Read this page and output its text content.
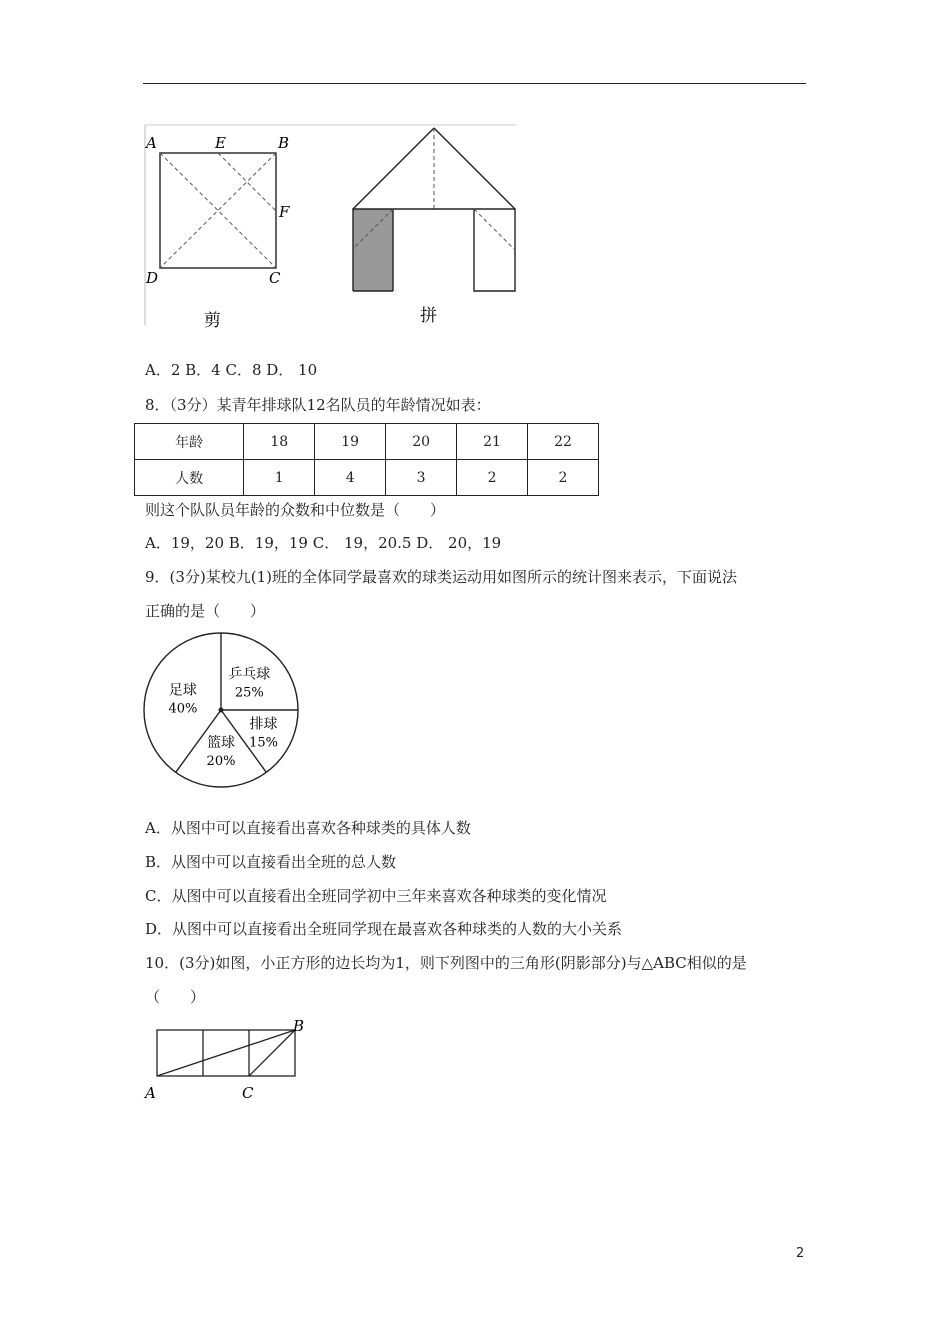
A	E	B
F
D	C
剪	拼
A．2 B．4 C．8 D． 10
8．（3分）某青年排球队12名队员的年龄情况如表：
年龄	18	19	20	21	22
人数	1	4	3	2	2
则这个队队员年龄的众数和中位数是（　　）
A．19，20 B．19，19 C． 19，20.5 D． 20，19
9．(3分)某校九(1)班的全体同学最喜欢的球类运动用如图所示的统计图来表示，下面说法
正确的是（　　）
乒乓球
25%
排球
15%
篮球
20%
足球
40%
A．从图中可以直接看出喜欢各种球类的具体人数
B．从图中可以直接看出全班的总人数
C．从图中可以直接看出全班同学初中三年来喜欢各种球类的变化情况
D．从图中可以直接看出全班同学现在最喜欢各种球类的人数的大小关系
10．(3分)如图，小正方形的边长均为1，则下列图中的三角形(阴影部分)与△ABC相似的是
（　　）
A	C
B
2
